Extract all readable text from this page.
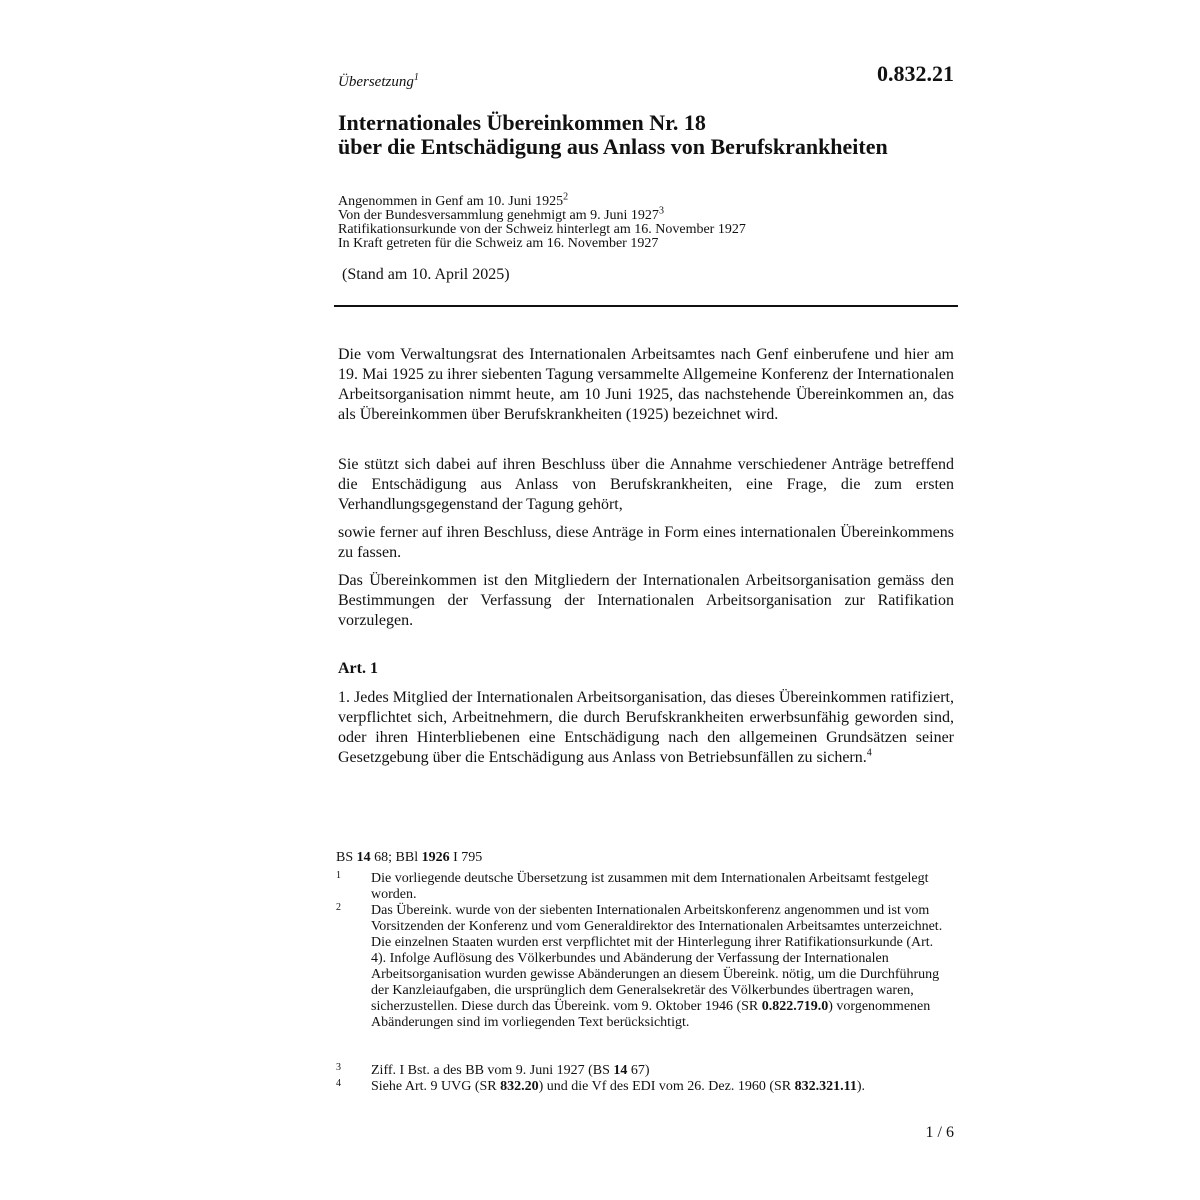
Übersetzung$^1$	0.832.21
Internationales Übereinkommen Nr. 18
über die Entschädigung aus Anlass von Berufskrankheiten
Angenommen in Genf am 10. Juni 1925$^2$
Von der Bundesversammlung genehmigt am 9. Juni 1927$^3$
Ratifikationsurkunde von der Schweiz hinterlegt am 16. November 1927
In Kraft getreten für die Schweiz am 16. November 1927
(Stand am 10. April 2025)
Die vom Verwaltungsrat des Internationalen Arbeitsamtes nach Genf einberufene und hier am 19. Mai 1925 zu ihrer siebenten Tagung versammelte Allgemeine Konferenz der Internationalen Arbeitsorganisation nimmt heute, am 10 Juni 1925, das nachstehende Übereinkommen an, das als Übereinkommen über Berufskrankheiten (1925) bezeichnet wird.
Sie stützt sich dabei auf ihren Beschluss über die Annahme verschiedener Anträge betreffend die Entschädigung aus Anlass von Berufskrankheiten, eine Frage, die zum ersten Verhandlungsgegenstand der Tagung gehört,
sowie ferner auf ihren Beschluss, diese Anträge in Form eines internationalen Übereinkommens zu fassen.
Das Übereinkommen ist den Mitgliedern der Internationalen Arbeitsorganisation gemäss den Bestimmungen der Verfassung der Internationalen Arbeitsorganisation zur Ratifikation vorzulegen.
Art. 1
1. Jedes Mitglied der Internationalen Arbeitsorganisation, das dieses Übereinkommen ratifiziert, verpflichtet sich, Arbeitnehmern, die durch Berufskrankheiten erwerbsunfähig geworden sind, oder ihren Hinterbliebenen eine Entschädigung nach den allgemeinen Grundsätzen seiner Gesetzgebung über die Entschädigung aus Anlass von Betriebsunfällen zu sichern.$^4$
BS 14 68; BBl 1926 I 795
1 Die vorliegende deutsche Übersetzung ist zusammen mit dem Internationalen Arbeitsamt festgelegt worden.
2 Das Übereink. wurde von der siebenten Internationalen Arbeitskonferenz angenommen und ist vom Vorsitzenden der Konferenz und vom Generaldirektor des Internationalen Arbeitsamtes unterzeichnet. Die einzelnen Staaten wurden erst verpflichtet mit der Hinterlegung ihrer Ratifikationsurkunde (Art. 4). Infolge Auflösung des Völkerbundes und Abänderung der Verfassung der Internationalen Arbeitsorganisation wurden gewisse Abänderungen an diesem Übereink. nötig, um die Durchführung der Kanzleiaufgaben, die ursprünglich dem Generalsekretär des Völkerbundes übertragen waren, sicherzustellen. Diese durch das Übereink. vom 9. Oktober 1946 (SR 0.822.719.0) vorgenommenen Abänderungen sind im vorliegenden Text berücksichtigt.
3 Ziff. I Bst. a des BB vom 9. Juni 1927 (BS 14 67)
4 Siehe Art. 9 UVG (SR 832.20) und die Vf des EDI vom 26. Dez. 1960 (SR 832.321.11).
1 / 6
